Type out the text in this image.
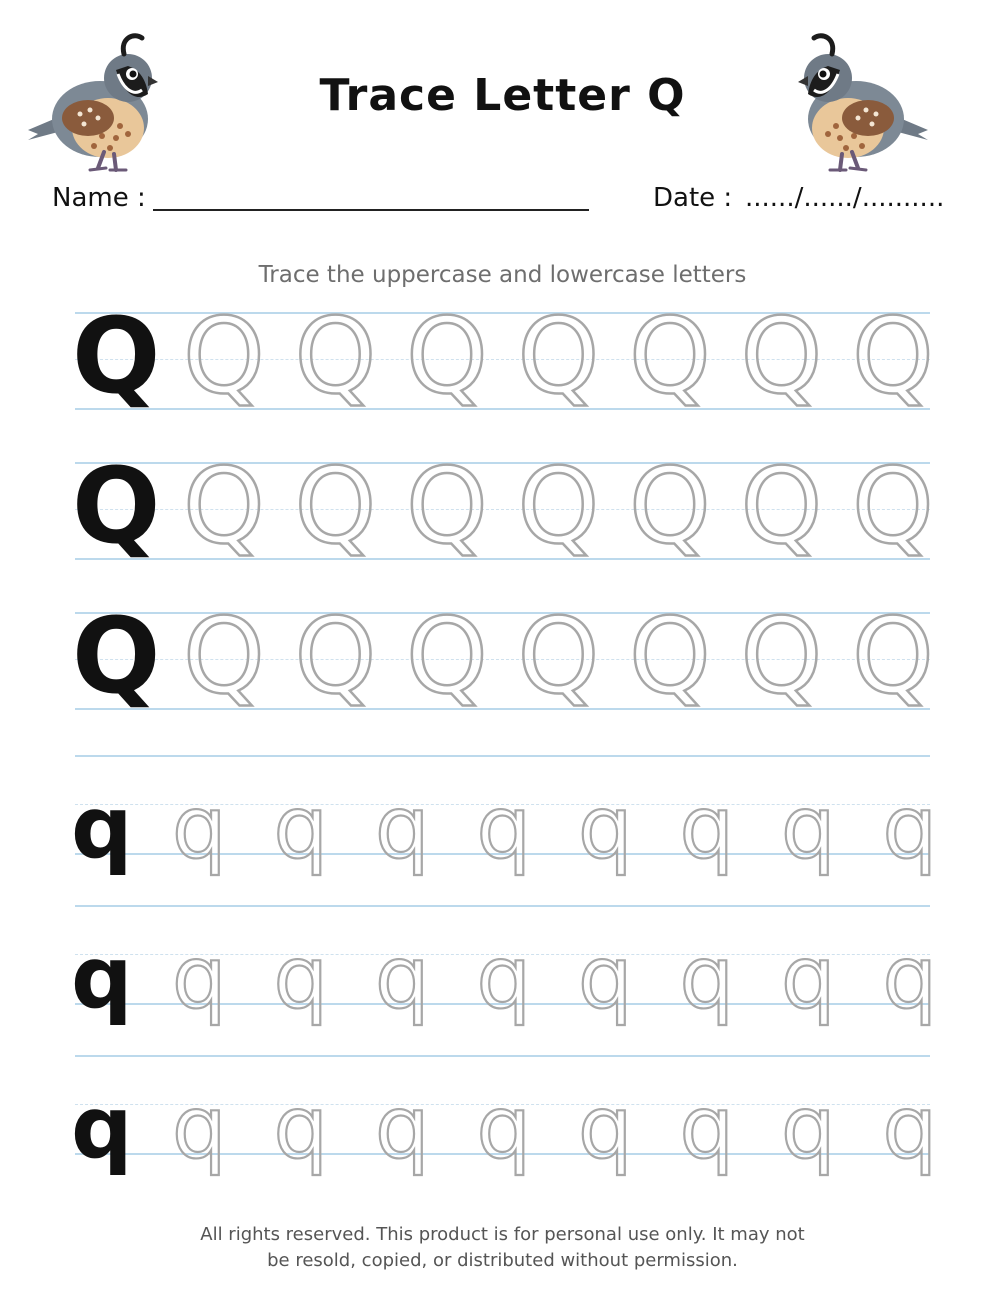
Trace Letter Q
Name :	Date : ....../....../..........
Trace the uppercase and lowercase letters
Q Q Q Q Q Q Q Q
Q Q Q Q Q Q Q Q
Q Q Q Q Q Q Q Q
q q q q q q q q q
q q q q q q q q q
q q q q q q q q q
All rights reserved. This product is for personal use only. It may not
be resold, copied, or distributed without permission.
